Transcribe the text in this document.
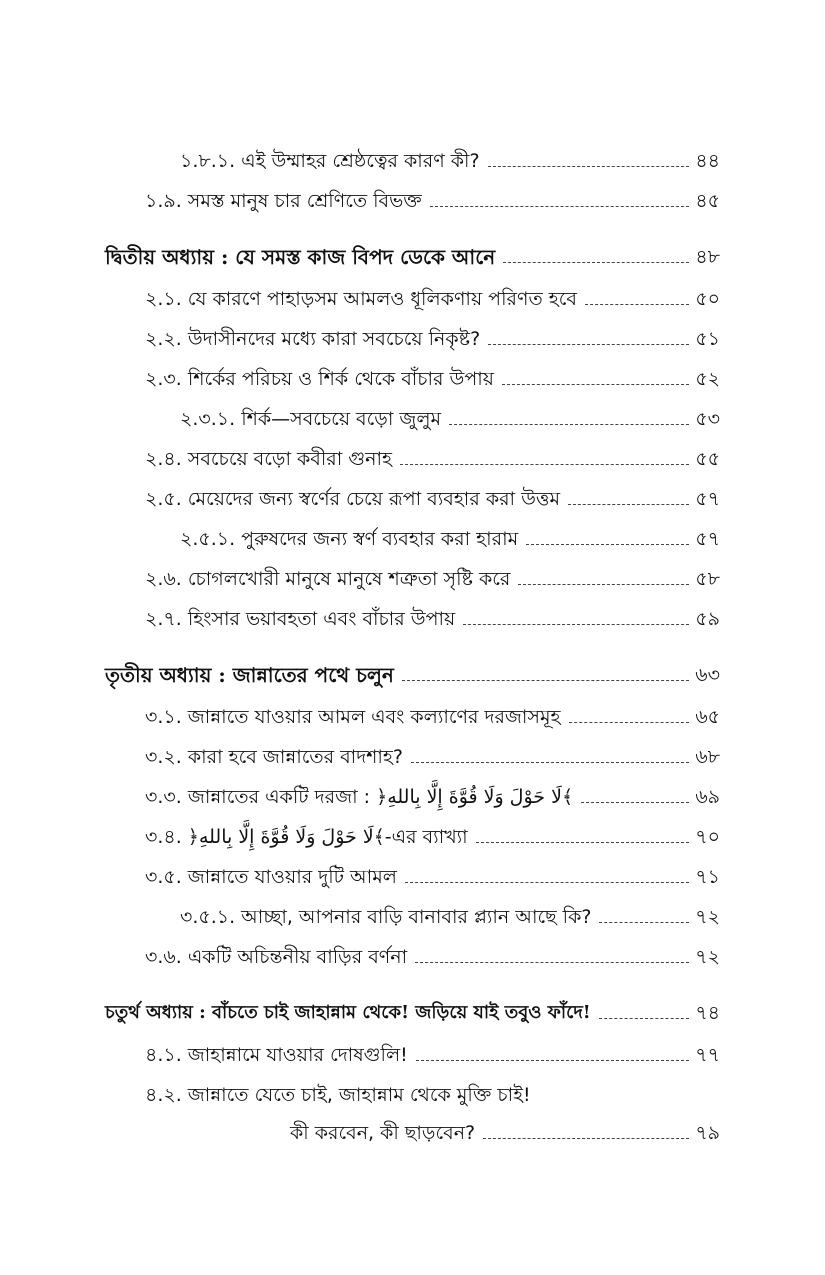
১.৮.১. এই উম্মাহর শ্রেষ্ঠত্বের কারণ কী?	৪৪
১.৯. সমস্ত মানুষ চার শ্রেণিতে বিভক্ত	৪৫
দ্বিতীয় অধ্যায় : যে সমস্ত কাজ বিপদ ডেকে আনে	৪৮
২.১. যে কারণে পাহাড়সম আমলও ধূলিকণায় পরিণত হবে	৫০
২.২. উদাসীনদের মধ্যে কারা সবচেয়ে নিকৃষ্ট?	৫১
২.৩. শির্কের পরিচয় ও শির্ক থেকে বাঁচার উপায়	৫২
২.৩.১. শির্ক—সবচেয়ে বড়ো জুলুম	৫৩
২.৪. সবচেয়ে বড়ো কবীরা গুনাহ	৫৫
২.৫. মেয়েদের জন্য স্বর্ণের চেয়ে রূপা ব্যবহার করা উত্তম	৫৭
২.৫.১. পুরুষদের জন্য স্বর্ণ ব্যবহার করা হারাম	৫৭
২.৬. চোগলখোরী মানুষে মানুষে শত্রুতা সৃষ্টি করে	৫৮
২.৭. হিংসার ভয়াবহতা এবং বাঁচার উপায়	৫৯
তৃতীয় অধ্যায় : জান্নাতের পথে চলুন	৬৩
৩.১. জান্নাতে যাওয়ার আমল এবং কল্যাণের দরজাসমূহ	৬৫
৩.২. কারা হবে জান্নাতের বাদশাহ?	৬৮
৩.৩. জান্নাতের একটি দরজা : ﴿لَا حَوْلَ وَلَا قُوَّةَ إِلَّا بِاللهِ﴾	৬৯
৩.৪. ﴿لَا حَوْلَ وَلَا قُوَّةَ إِلَّا بِاللهِ﴾-এর ব্যাখ্যা	৭০
৩.৫. জান্নাতে যাওয়ার দুটি আমল	৭১
৩.৫.১. আচ্ছা, আপনার বাড়ি বানাবার প্ল্যান আছে কি?	৭২
৩.৬. একটি অচিন্তনীয় বাড়ির বর্ণনা	৭২
চতুর্থ অধ্যায় : বাঁচতে চাই জাহান্নাম থেকে! জড়িয়ে যাই তবুও ফাঁদে!	৭৪
৪.১. জাহান্নামে যাওয়ার দোষগুলি!	৭৭
৪.২. জান্নাতে যেতে চাই, জাহান্নাম থেকে মুক্তি চাই!
কী করবেন, কী ছাড়বেন?	৭৯
